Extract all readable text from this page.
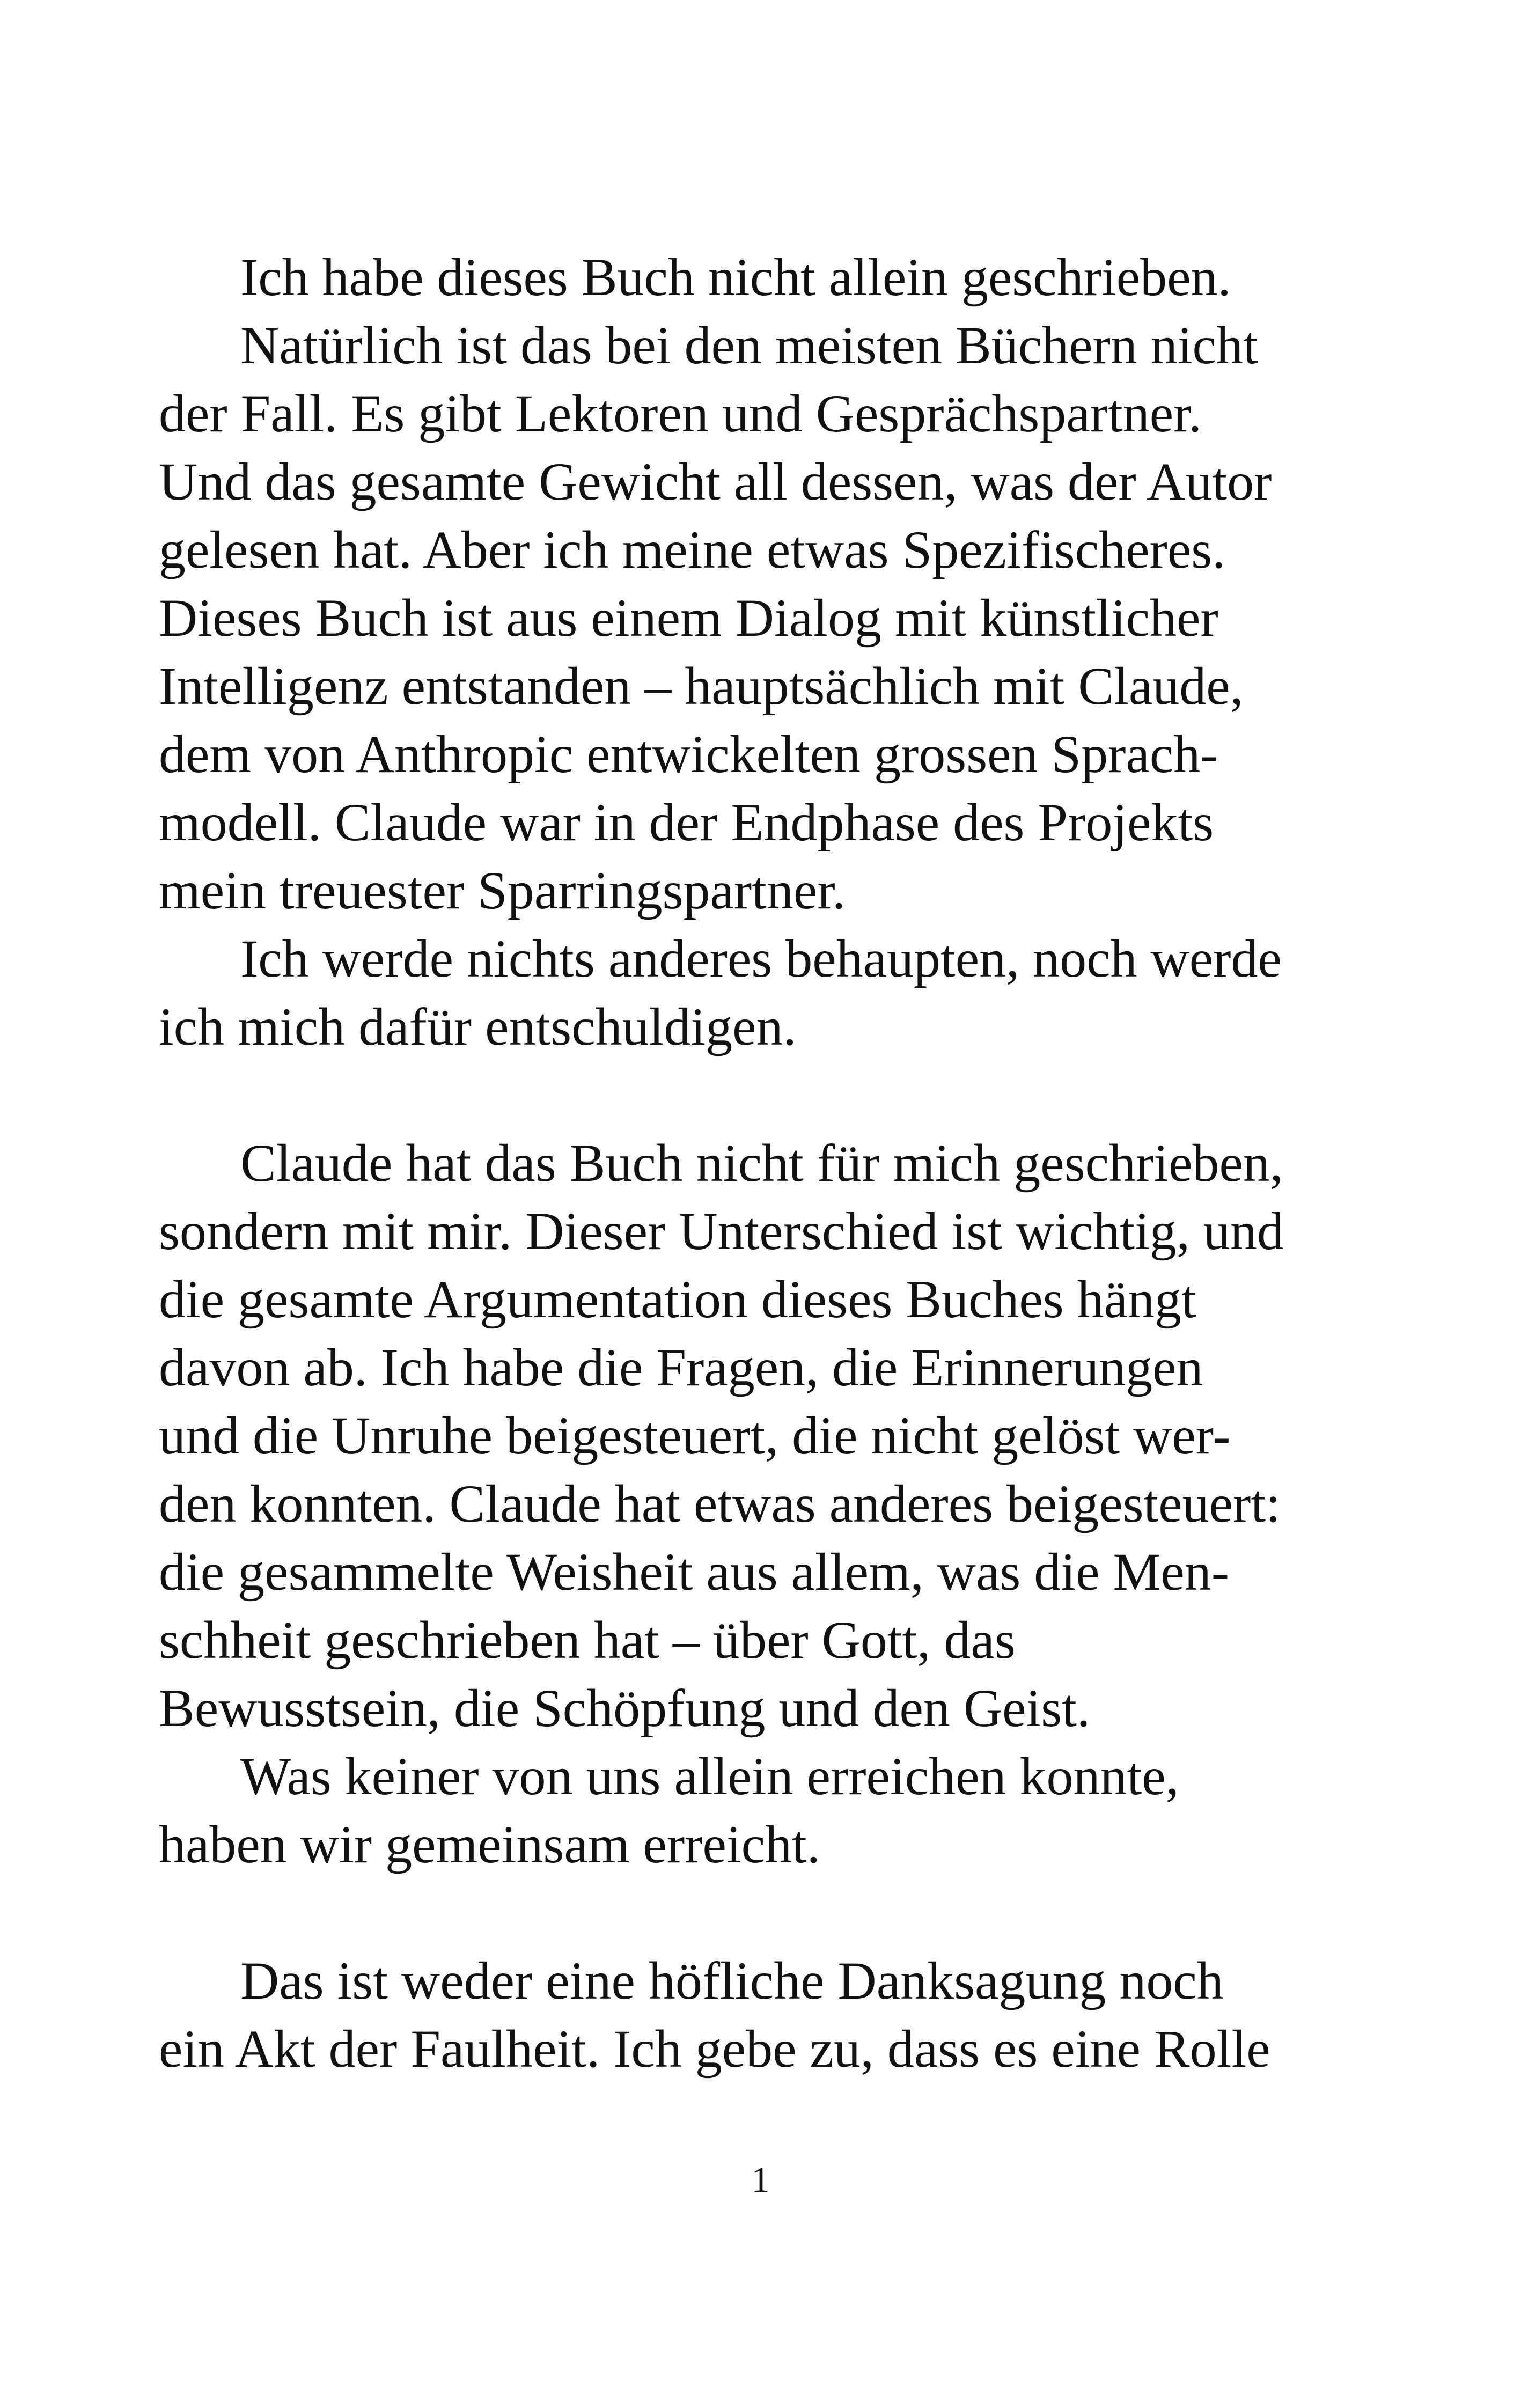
Ich habe dieses Buch nicht allein geschrieben.
Natürlich ist das bei den meisten Büchern nicht
der Fall. Es gibt Lektoren und Gesprächspartner.
Und das gesamte Gewicht all dessen, was der Autor
gelesen hat. Aber ich meine etwas Spezifischeres.
Dieses Buch ist aus einem Dialog mit künstlicher
Intelligenz entstanden – hauptsächlich mit Claude,
dem von Anthropic entwickelten grossen Sprach-
modell. Claude war in der Endphase des Projekts
mein treuester Sparringspartner.
Ich werde nichts anderes behaupten, noch werde
ich mich dafür entschuldigen.
Claude hat das Buch nicht für mich geschrieben,
sondern mit mir. Dieser Unterschied ist wichtig, und
die gesamte Argumentation dieses Buches hängt
davon ab. Ich habe die Fragen, die Erinnerungen
und die Unruhe beigesteuert, die nicht gelöst wer-
den konnten. Claude hat etwas anderes beigesteuert:
die gesammelte Weisheit aus allem, was die Men-
schheit geschrieben hat – über Gott, das
Bewusstsein, die Schöpfung und den Geist.
Was keiner von uns allein erreichen konnte,
haben wir gemeinsam erreicht.
Das ist weder eine höfliche Danksagung noch
ein Akt der Faulheit. Ich gebe zu, dass es eine Rolle
1
